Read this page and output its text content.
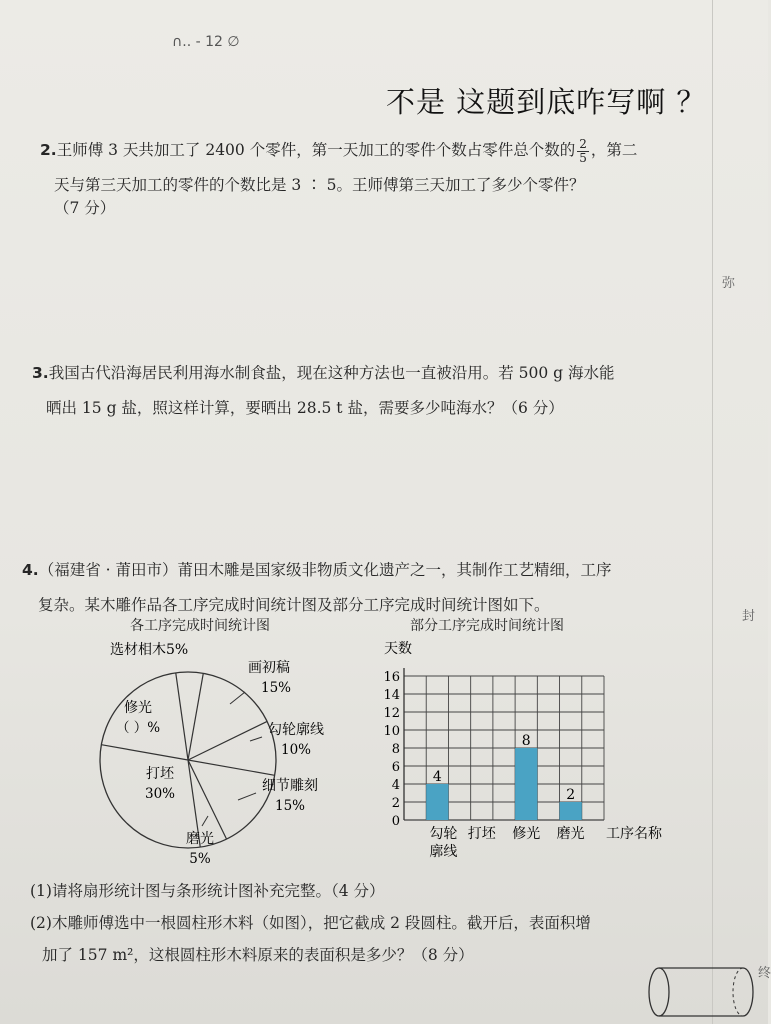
∩.. - 12 ∅
不是 这题到底咋写啊 ？
2.王师傅 3 天共加工了 2400 个零件，第一天加工的零件个数占零件总个数的 $\frac{2}{5}$ ，第二
天与第三天加工的零件的个数比是 3 ∶ 5。王师傅第三天加工了多少个零件？
（7 分）
弥
3.我国古代沿海居民利用海水制食盐，现在这种方法也一直被沿用。若 500 g 海水能
晒出 15 g 盐，照这样计算，要晒出 28.5 t 盐，需要多少吨海水？（6 分）
4.（福建省 · 莆田市）莆田木雕是国家级非物质文化遗产之一，其制作工艺精细，工序
复杂。某木雕作品各工序完成时间统计图及部分工序完成时间统计图如下。
封
各工序完成时间统计图
选材相木5%
画初稿
15%
勾轮廓线
10%
细节雕刻
15%
磨光
5%
打坯
30%
修光
（ ）%
部分工序完成时间统计图
0
2
4
6
8
10
12
14
16
天数
4
勾轮
廓线
打坯
8
修光
2
磨光 工序名称
(1)请将扇形统计图与条形统计图补充完整。（4 分）
(2)木雕师傅选中一根圆柱形木料（如图），把它截成 2 段圆柱。截开后，表面积增
加了 157 m²，这根圆柱形木料原来的表面积是多少？（8 分）
终
